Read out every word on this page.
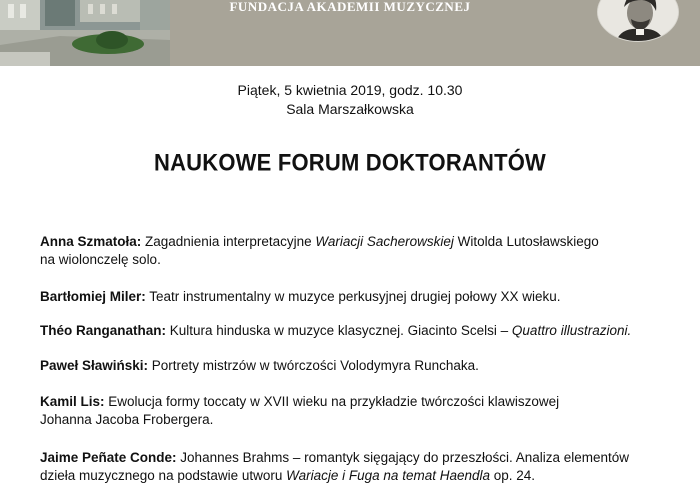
FUNDACJA AKADEMII MUZYCZNEJ
Piątek, 5 kwietnia 2019, godz. 10.30
Sala Marszałkowska
NAUKOWE FORUM DOKTORANTÓW

Anna Szmatoła: Zagadnienia interpretacyjne Wariacji Sacherowskiej Witolda Lutosławskiego
na wiolonczelę solo.

Bartłomiej Miler: Teatr instrumentalny w muzyce perkusyjnej drugiej połowy XX wieku.

Théo Ranganathan: Kultura hinduska w muzyce klasycznej. Giacinto Scelsi – Quattro illustrazioni.

Paweł Sławiński: Portrety mistrzów w twórczości Volodymyra Runchaka.

Kamil Lis: Ewolucja formy toccaty w XVII wieku na przykładzie twórczości klawiszowej
Johanna Jacoba Frobergera.

Jaime Peñate Conde: Johannes Brahms – romantyk sięgający do przeszłości. Analiza elementów
dzieła muzycznego na podstawie utworu Wariacje i Fuga na temat Haendla op. 24.
